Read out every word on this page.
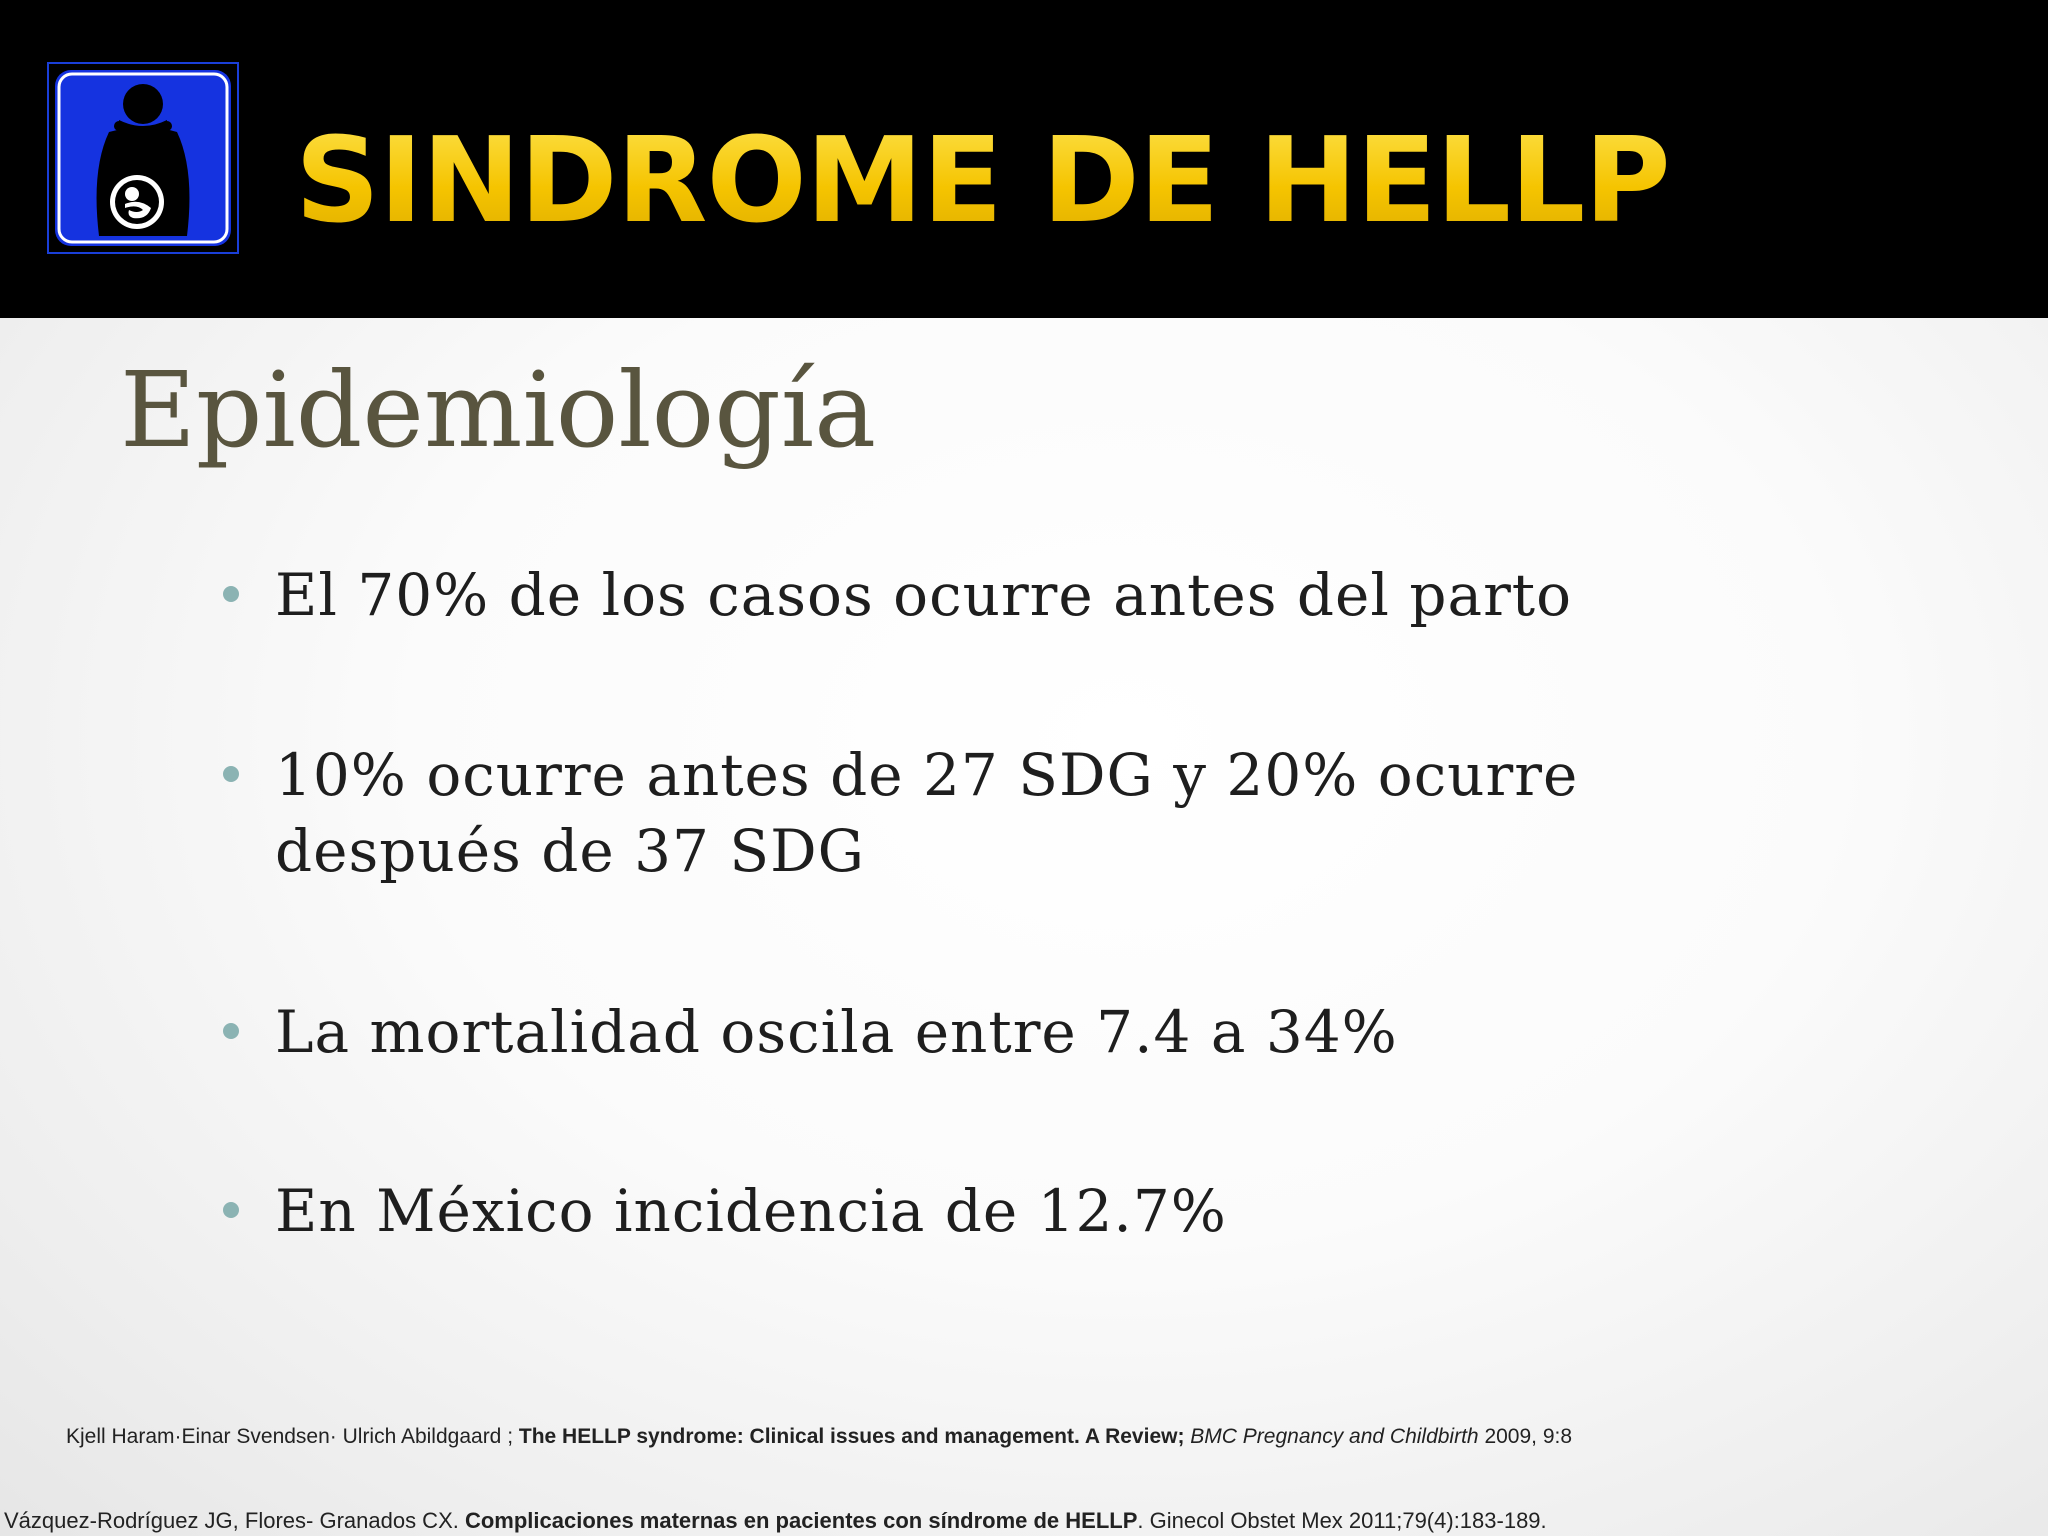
SINDROME DE HELLP
Epidemiología
El 70% de los casos ocurre antes del parto
10% ocurre antes de 27 SDG y 20% ocurre después de 37 SDG
La mortalidad oscila entre 7.4 a 34%
En México incidencia de 12.7%
Kjell Haram·Einar Svendsen· Ulrich Abildgaard ; The HELLP syndrome: Clinical issues and management. A Review; BMC Pregnancy and Childbirth 2009, 9:8
Vázquez-Rodríguez JG, Flores- Granados CX. Complicaciones maternas en pacientes con síndrome de HELLP. Ginecol Obstet Mex 2011;79(4):183-189.
